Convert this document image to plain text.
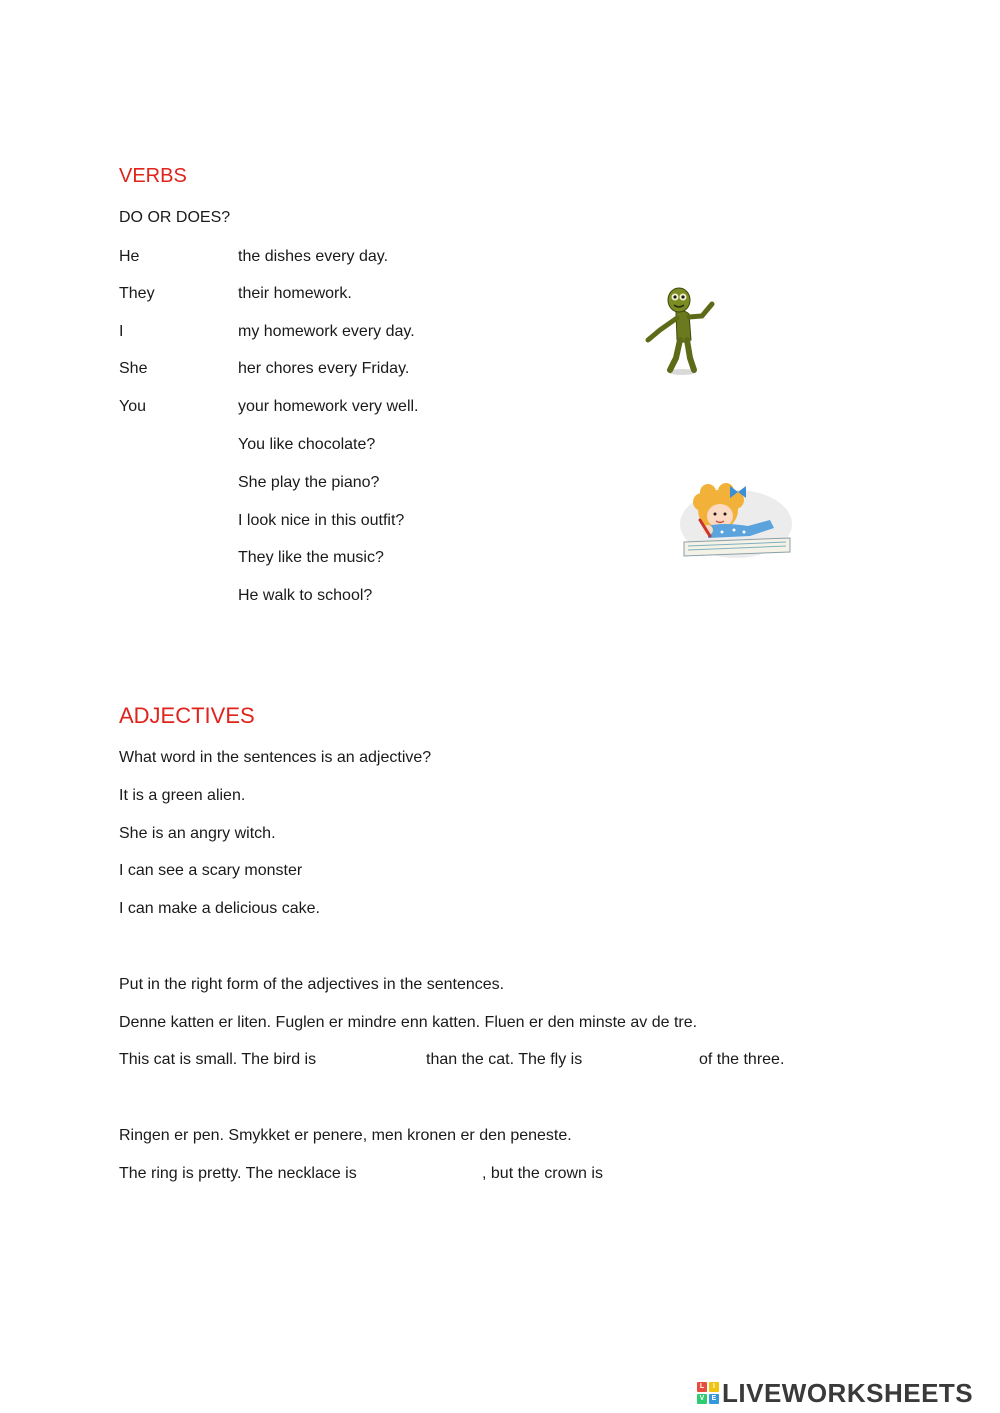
VERBS
DO OR DOES?
He	the dishes every day.
They	their homework.
I	my homework every day.
She	her chores every Friday.
You	your homework very well.
You like chocolate?
She play the piano?
I look nice in this outfit?
They like the music?
He walk to school?
ADJECTIVES
What word in the sentences is an adjective?
It is a green alien.
She is an angry witch.
I can see a scary monster
I can make a delicious cake.
Put in the right form of the adjectives in the sentences.
Denne katten er liten. Fuglen er mindre enn katten. Fluen er den minste av de tre.
This cat is small. The bird is	than the cat. The fly is	of the three.
Ringen er pen. Smykket er penere, men kronen er den peneste.
The ring is pretty. The necklace is	, but the crown is
L	I
V	E LIVEWORKSHEETS
